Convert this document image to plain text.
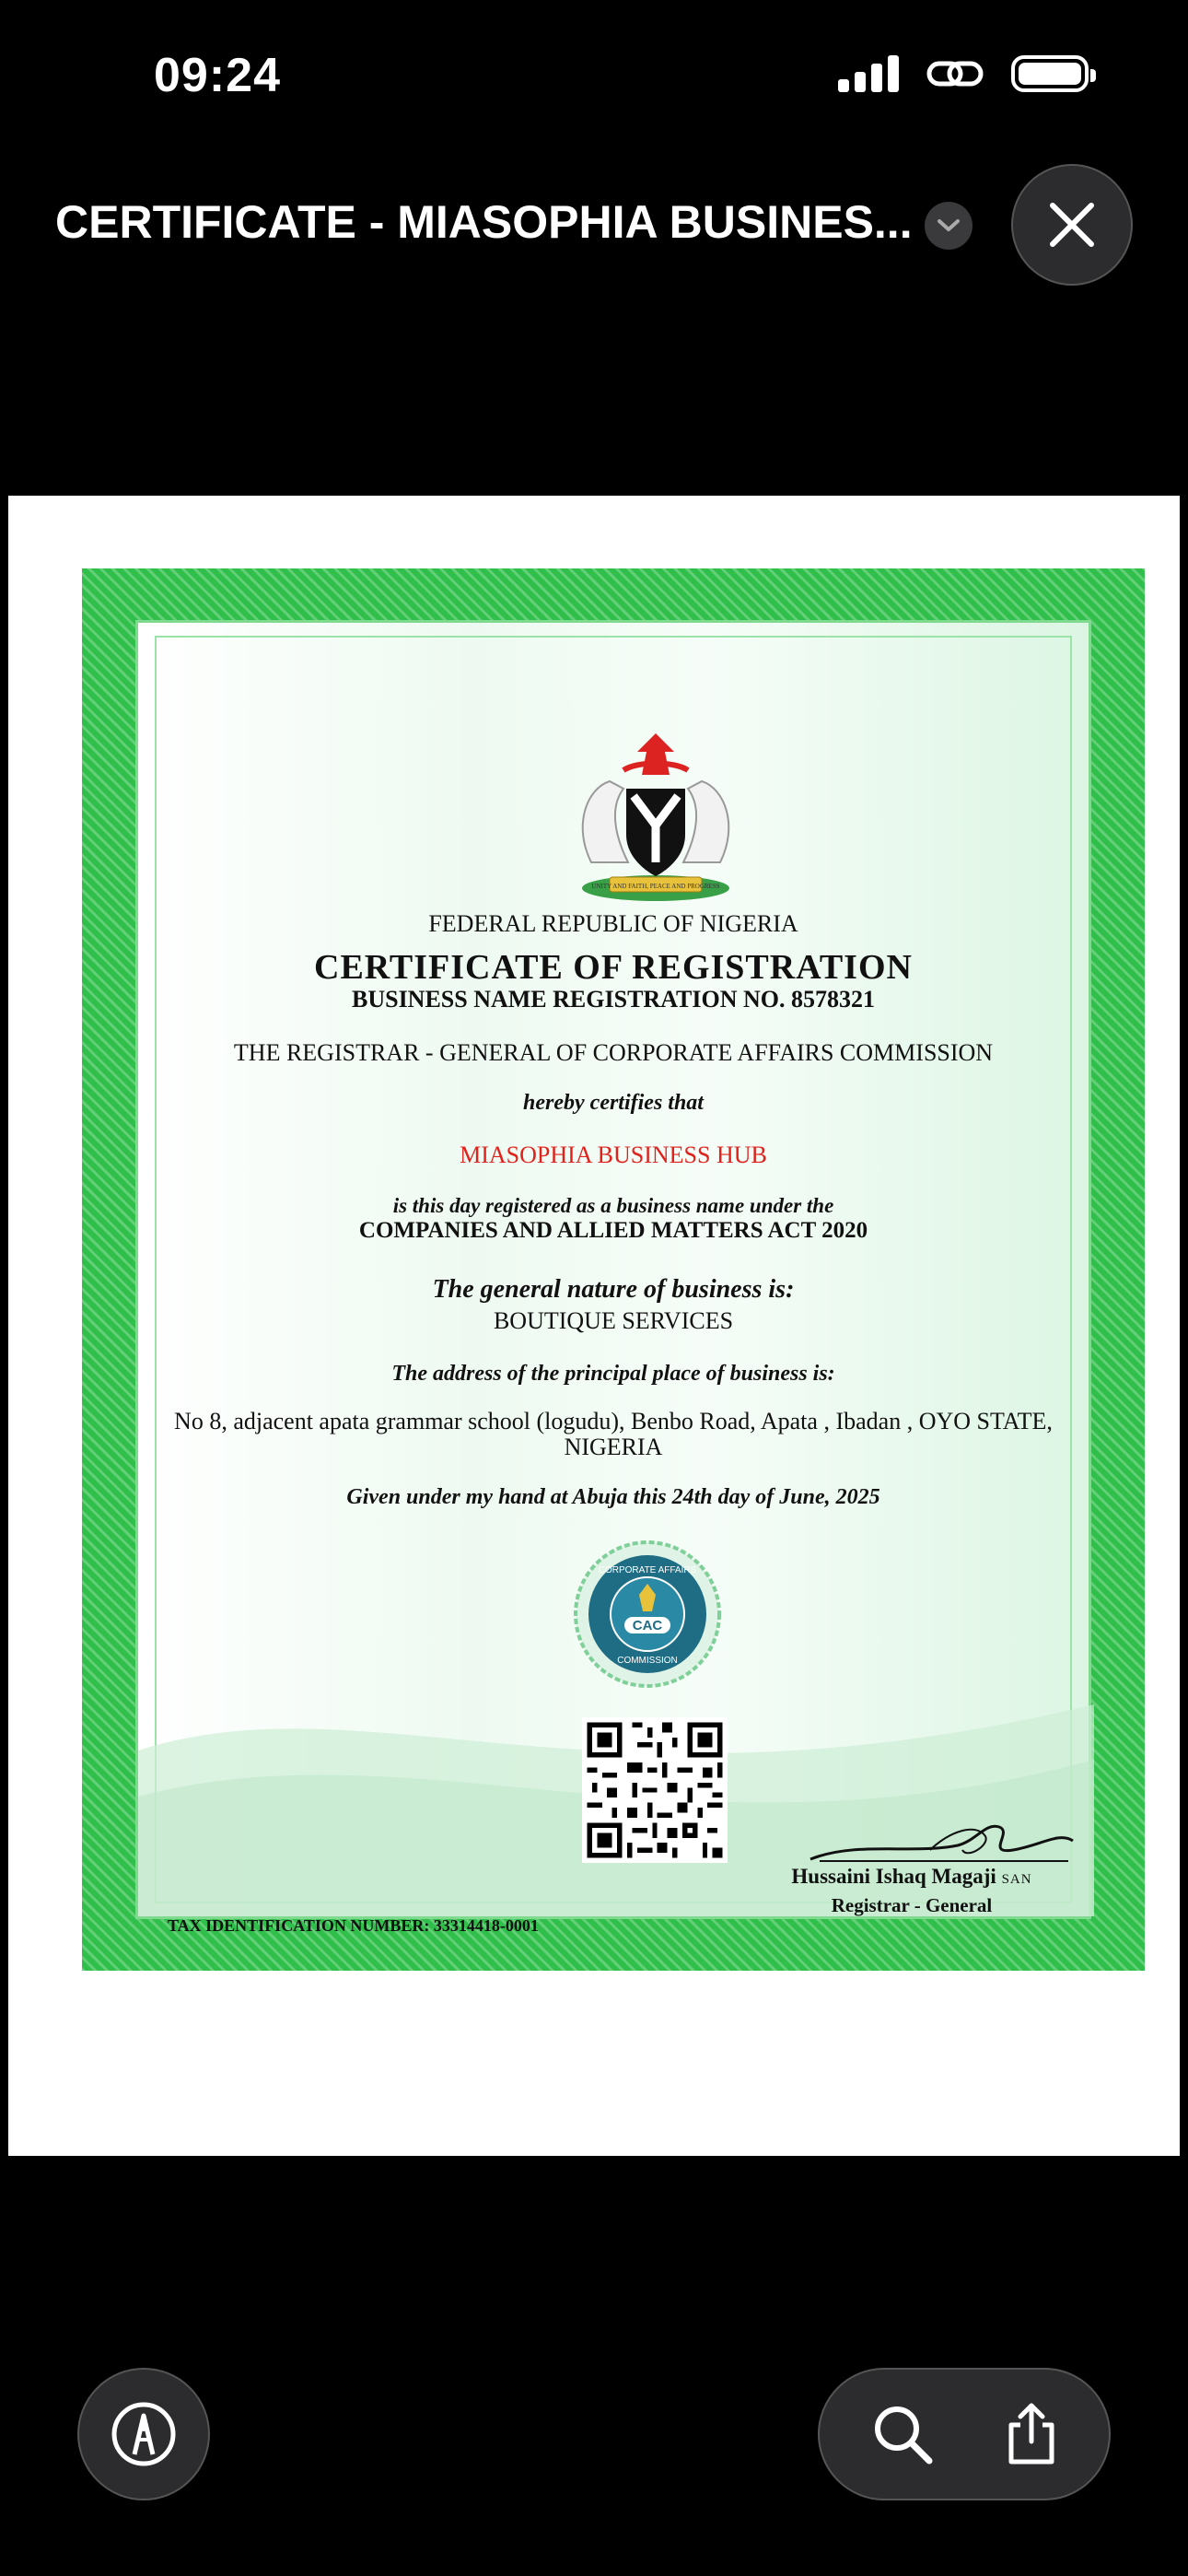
09:24
CERTIFICATE - MIASOPHIA BUSINES...
UNITY AND FAITH, PEACE AND PROGRESS
FEDERAL REPUBLIC OF NIGERIA
CERTIFICATE OF REGISTRATION
BUSINESS NAME REGISTRATION NO. 8578321
THE REGISTRAR - GENERAL OF CORPORATE AFFAIRS COMMISSION
hereby certifies that
MIASOPHIA BUSINESS HUB
is this day registered as a business name under the
COMPANIES AND ALLIED MATTERS ACT 2020
The general nature of business is:
BOUTIQUE SERVICES
The address of the principal place of business is:
No 8, adjacent apata grammar school (logudu), Benbo Road, Apata , Ibadan , OYO STATE,
NIGERIA
Given under my hand at Abuja this 24th day of June, 2025
CAC
CORPORATE AFFAIRS
COMMISSION
Hussaini Ishaq Magaji SAN
Registrar - General
TAX IDENTIFICATION NUMBER: 33314418-0001
